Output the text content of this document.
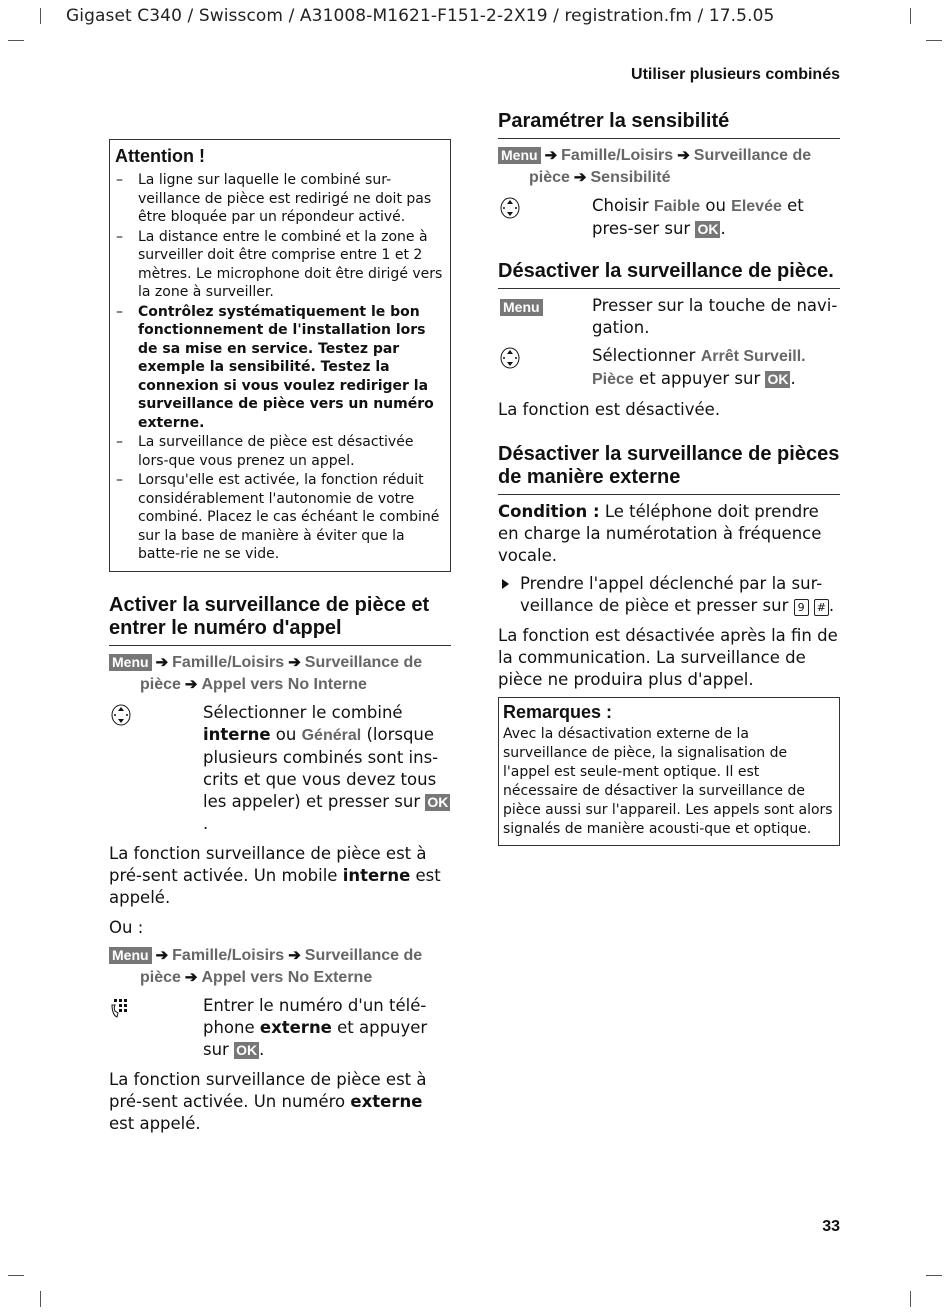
Gigaset C340 / Swisscom / A31008-M1621-F151-2-2X19 / registration.fm / 17.5.05
Utiliser plusieurs combinés
Attention !
– La ligne sur laquelle le combiné sur-veillance de pièce est redirigé ne doit pas être bloquée par un répondeur activé.
– La distance entre le combiné et la zone à surveiller doit être comprise entre 1 et 2 mètres. Le microphone doit être dirigé vers la zone à surveiller.
– Contrôlez systématiquement le bon fonctionnement de l'installation lors de sa mise en service. Testez par exemple la sensibilité. Testez la connexion si vous voulez rediriger la surveillance de pièce vers un numéro externe.
– La surveillance de pièce est désactivée lors-que vous prenez un appel.
– Lorsqu'elle est activée, la fonction réduit considérablement l'autonomie de votre combiné. Placez le cas échéant le combiné sur la base de manière à éviter que la batte-rie ne se vide.
Activer la surveillance de pièce et entrer le numéro d'appel
Menu ➔ Famille/Loisirs ➔ Surveillance de pièce ➔ Appel vers No Interne
Sélectionner le combiné interne ou Général (lorsque plusieurs combinés sont ins-crits et que vous devez tous les appeler) et presser sur OK.

La fonction surveillance de pièce est à pré-sent activée. Un mobile interne est appelé.

Ou :

Menu ➔ Famille/Loisirs ➔ Surveillance de pièce ➔ Appel vers No Externe
Entrer le numéro d'un télé-phone externe et appuyer sur OK .

La fonction surveillance de pièce est à pré-sent activée. Un numéro externe est appelé.

Paramétrer la sensibilité
Menu ➔ Famille/Loisirs ➔ Surveillance de pièce ➔ Sensibilité
Choisir Faible ou Elevée et pres-ser sur OK .
Désactiver la surveillance de pièce.
Menu	Presser sur la touche de navi-gation.
Sélectionner Arrêt Surveill. Pièce et appuyer sur OK .

La fonction est désactivée.

Désactiver la surveillance de pièces de manière externe

Condition : Le téléphone doit prendre en charge la numérotation à fréquence vocale.

Prendre l'appel déclenché par la sur-veillance de pièce et presser sur 9 # .

La fonction est désactivée après la fin de la communication. La surveillance de pièce ne produira plus d'appel.

Remarques :
Avec la désactivation externe de la surveillance de pièce, la signalisation de l'appel est seule-ment optique. Il est nécessaire de désactiver la surveillance de pièce aussi sur l'appareil. Les appels sont alors signalés de manière acousti-que et optique.
33
